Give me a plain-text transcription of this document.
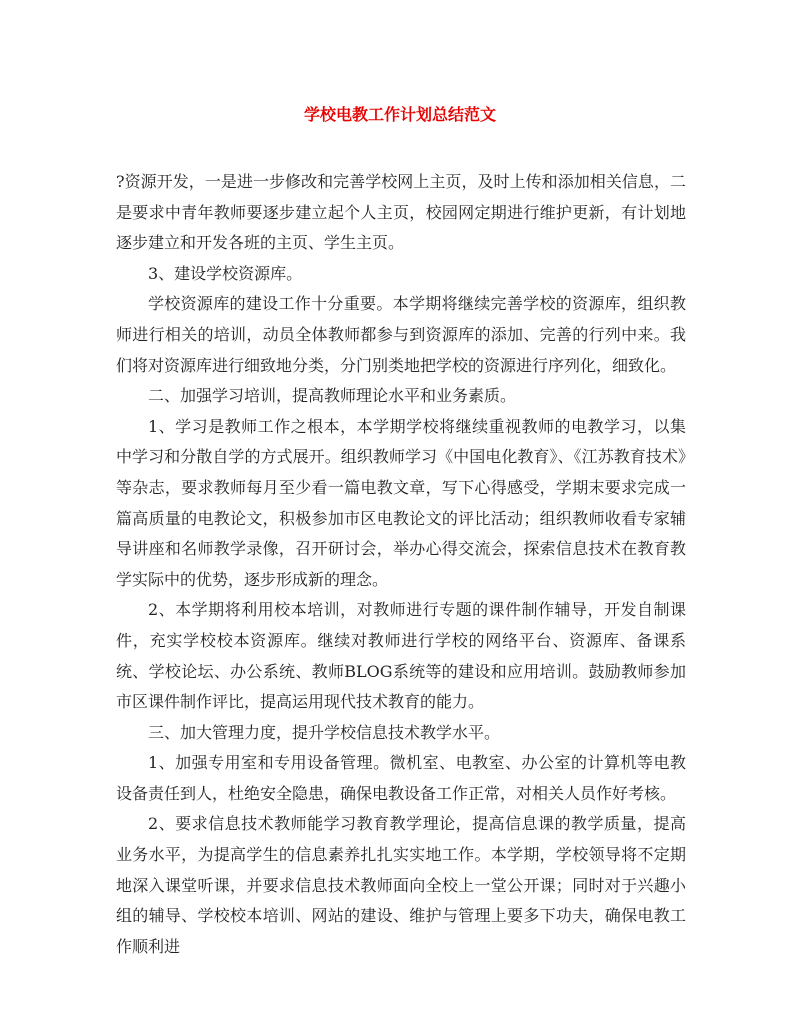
学校电教工作计划总结范文

?资源开发，一是进一步修改和完善学校网上主页，及时上传和添加相关信息，二是要求中青年教师要逐步建立起个人主页，校园网定期进行维护更新，有计划地逐步建立和开发各班的主页、学生主页。

3、建设学校资源库。

学校资源库的建设工作十分重要。本学期将继续完善学校的资源库，组织教师进行相关的培训，动员全体教师都参与到资源库的添加、完善的行列中来。我们将对资源库进行细致地分类，分门别类地把学校的资源进行序列化，细致化。

二、加强学习培训，提高教师理论水平和业务素质。

1、学习是教师工作之根本，本学期学校将继续重视教师的电教学习，以集中学习和分散自学的方式展开。组织教师学习《中国电化教育》、《江苏教育技术》等杂志，要求教师每月至少看一篇电教文章，写下心得感受，学期末要求完成一篇高质量的电教论文，积极参加市区电教论文的评比活动；组织教师收看专家辅导讲座和名师教学录像，召开研讨会，举办心得交流会，探索信息技术在教育教学实际中的优势，逐步形成新的理念。

2、本学期将利用校本培训，对教师进行专题的课件制作辅导，开发自制课件，充实学校校本资源库。继续对教师进行学校的网络平台、资源库、备课系统、学校论坛、办公系统、教师BLOG系统等的建设和应用培训。鼓励教师参加市区课件制作评比，提高运用现代技术教育的能力。

三、加大管理力度，提升学校信息技术教学水平。

1、加强专用室和专用设备管理。微机室、电教室、办公室的计算机等电教设备责任到人，杜绝安全隐患，确保电教设备工作正常，对相关人员作好考核。

2、要求信息技术教师能学习教育教学理论，提高信息课的教学质量，提高业务水平，为提高学生的信息素养扎扎实实地工作。本学期，学校领导将不定期地深入课堂听课，并要求信息技术教师面向全校上一堂公开课；同时对于兴趣小组的辅导、学校校本培训、网站的建设、维护与管理上要多下功夫，确保电教工作顺利进
